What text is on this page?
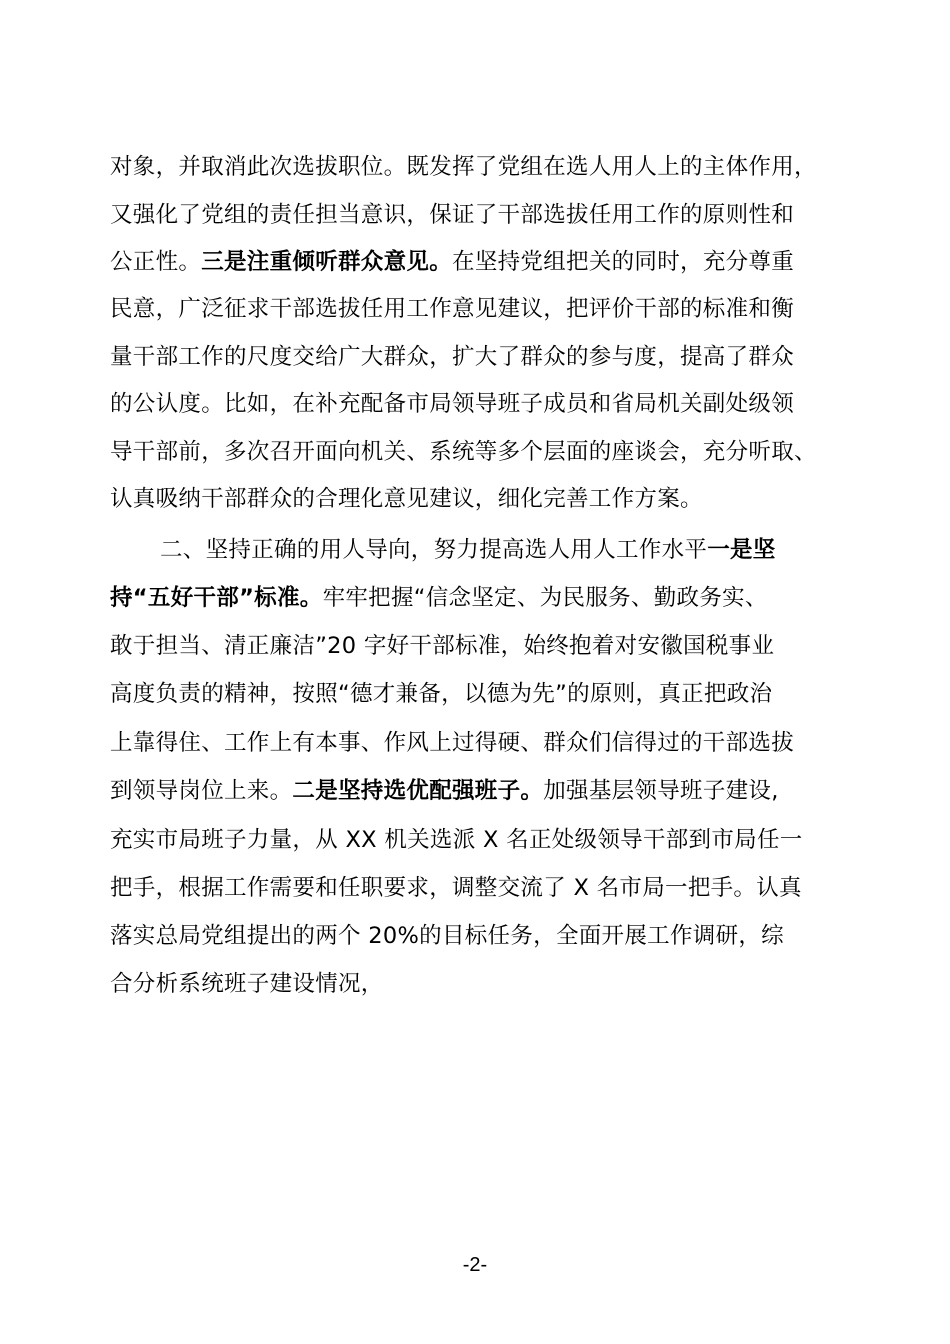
对象，并取消此次选拔职位。既发挥了党组在选人用人上的主体作用，
又强化了党组的责任担当意识，保证了干部选拔任用工作的原则性和
公正性。三是注重倾听群众意见。在坚持党组把关的同时，充分尊重
民意，广泛征求干部选拔任用工作意见建议，把评价干部的标准和衡
量干部工作的尺度交给广大群众，扩大了群众的参与度，提高了群众
的公认度。比如，在补充配备市局领导班子成员和省局机关副处级领
导干部前，多次召开面向机关、系统等多个层面的座谈会，充分听取、
认真吸纳干部群众的合理化意见建议，细化完善工作方案。
二、坚持正确的用人导向，努力提高选人用人工作水平一是坚
持“五好干部”标准。牢牢把握“信念坚定、为民服务、勤政务实、
敢于担当、清正廉洁”20 字好干部标准，始终抱着对安徽国税事业
高度负责的精神，按照“德才兼备，以德为先”的原则，真正把政治
上靠得住、工作上有本事、作风上过得硬、群众们信得过的干部选拔
到领导岗位上来。二是坚持选优配强班子。加强基层领导班子建设,
充实市局班子力量，从 XX 机关选派 X 名正处级领导干部到市局任一
把手，根据工作需要和任职要求，调整交流了 X 名市局一把手。认真
落实总局党组提出的两个 20%的目标任务，全面开展工作调研，综
合分析系统班子建设情况，
-2-
